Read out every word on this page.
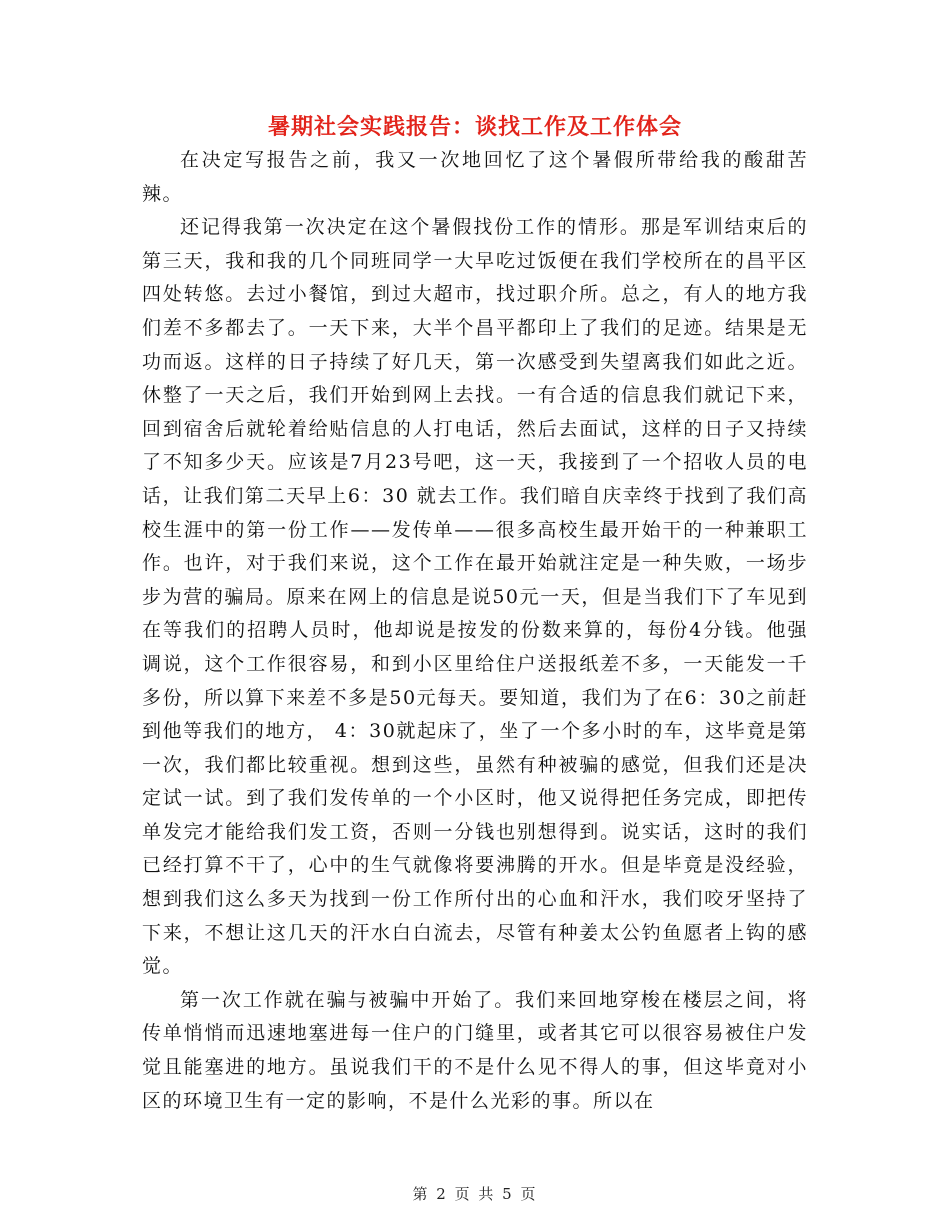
暑期社会实践报告：谈找工作及工作体会

在决定写报告之前，我又一次地回忆了这个暑假所带给我的酸甜苦辣。

还记得我第一次决定在这个暑假找份工作的情形。那是军训结束后的第三天，我和我的几个同班同学一大早吃过饭便在我们学校所在的昌平区四处转悠。去过小餐馆，到过大超市，找过职介所。总之，有人的地方我们差不多都去了。一天下来，大半个昌平都印上了我们的足迹。结果是无功而返。这样的日子持续了好几天，第一次感受到失望离我们如此之近。休整了一天之后，我们开始到网上去找。一有合适的信息我们就记下来，回到宿舍后就轮着给贴信息的人打电话，然后去面试，这样的日子又持续了不知多少天。应该是7月23号吧，这一天，我接到了一个招收人员的电话，让我们第二天早上6：30 就去工作。我们暗自庆幸终于找到了我们高校生涯中的第一份工作——发传单——很多高校生最开始干的一种兼职工作。也许，对于我们来说，这个工作在最开始就注定是一种失败，一场步步为营的骗局。原来在网上的信息是说50元一天，但是当我们下了车见到在等我们的招聘人员时，他却说是按发的份数来算的，每份4分钱。他强调说，这个工作很容易，和到小区里给住户送报纸差不多，一天能发一千多份，所以算下来差不多是50元每天。要知道，我们为了在6：30之前赶到他等我们的地方， 4：30就起床了，坐了一个多小时的车，这毕竟是第一次，我们都比较重视。想到这些，虽然有种被骗的感觉，但我们还是决定试一试。到了我们发传单的一个小区时，他又说得把任务完成，即把传单发完才能给我们发工资，否则一分钱也别想得到。说实话，这时的我们已经打算不干了，心中的生气就像将要沸腾的开水。但是毕竟是没经验，想到我们这么多天为找到一份工作所付出的心血和汗水，我们咬牙坚持了下来，不想让这几天的汗水白白流去，尽管有种姜太公钓鱼愿者上钩的感觉。

第一次工作就在骗与被骗中开始了。我们来回地穿梭在楼层之间，将传单悄悄而迅速地塞进每一住户的门缝里，或者其它可以很容易被住户发觉且能塞进的地方。虽说我们干的不是什么见不得人的事，但这毕竟对小区的环境卫生有一定的影响，不是什么光彩的事。所以在

第 2 页 共 5 页
